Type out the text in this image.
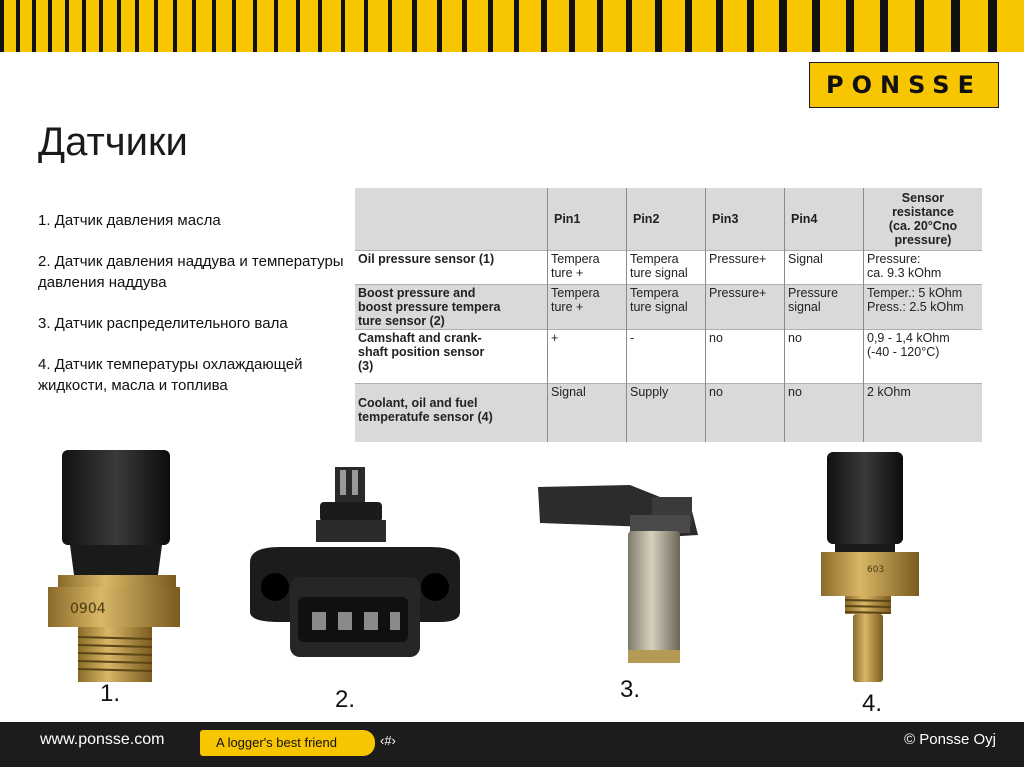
PONSSE
Датчики
1. Датчик давления масла
2. Датчик давления наддува и температуры давления наддува
3. Датчик распределительного вала
4. Датчик температуры охлаждающей жидкости, масла и топлива
	Pin1	Pin2	Pin3	Pin4	Sensor resistance
(ca. 20°Cno pressure)
Oil pressure sensor (1)	Tempera
ture +	Tempera
ture signal	Pressure+	Signal	Pressure:
ca. 9.3 kOhm
Boost pressure and
boost pressure tempera
ture sensor (2)	Tempera
ture +	Tempera
ture signal	Pressure+	Pressure
signal	Temper.: 5 kOhm
Press.: 2.5 kOhm
Camshaft and crank-
shaft position sensor
(3)	+	-	no	no	0,9 - 1,4 kOhm
(-40 - 120°C)
Coolant, oil and fuel
temperatufe sensor (4)	Signal	Supply	no	no	2 kOhm
0904
603
1.	2.	3.
4.
www.ponsse.com	A logger's best friend	‹#›	© Ponsse Oyj
